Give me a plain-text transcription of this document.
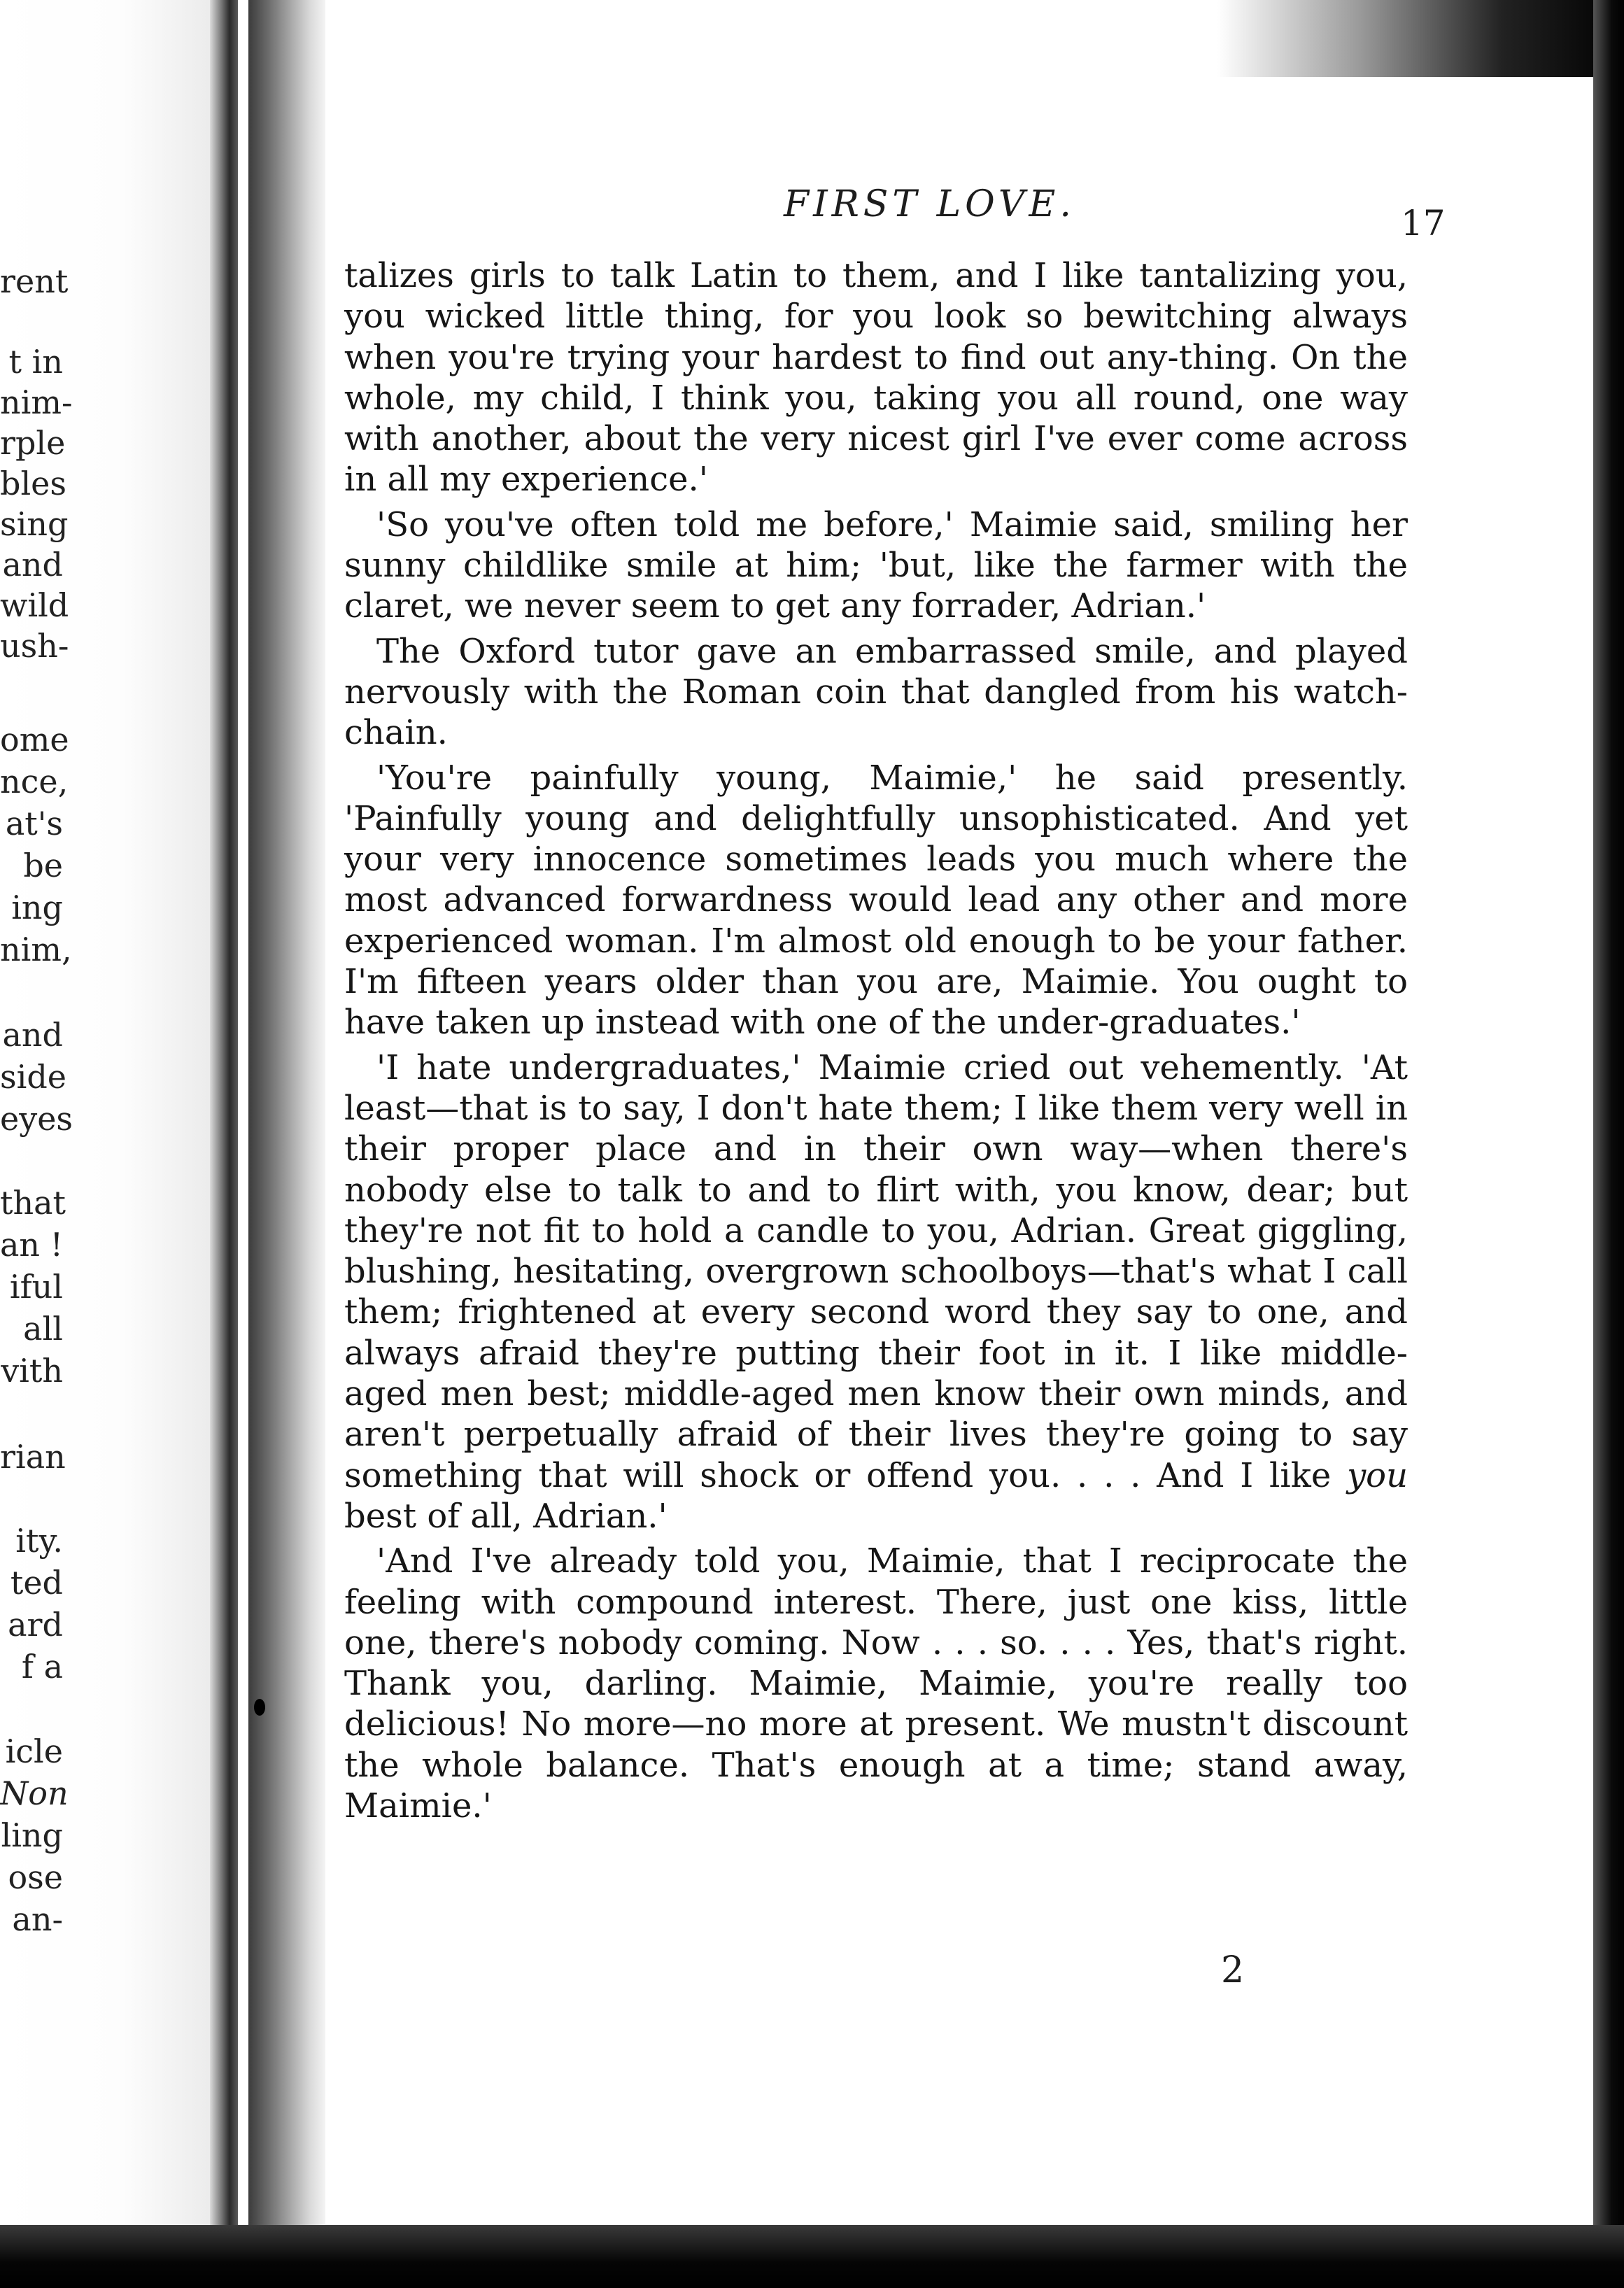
rent
t in
nim-
rple
bles
sing
and
wild
ush-
ome
nce,
at's
be
ing
nim,
and
side
eyes
that
an !
iful
all
vith
rian
ity.
ted
ard
f a
icle
Non
ling
ose
an-
FIRST LOVE.	17

talizes girls to talk Latin to them, and I like tantalizing you, you wicked little thing, for you look so bewitching always when you're trying your hardest to find out any-thing. On the whole, my child, I think you, taking you all round, one way with another, about the very nicest girl I've ever come across in all my experience.'

'So you've often told me before,' Maimie said, smiling her sunny childlike smile at him; 'but, like the farmer with the claret, we never seem to get any forrader, Adrian.'

The Oxford tutor gave an embarrassed smile, and played nervously with the Roman coin that dangled from his watch-chain.

'You're painfully young, Maimie,' he said presently. 'Painfully young and delightfully unsophisticated. And yet your very innocence sometimes leads you much where the most advanced forwardness would lead any other and more experienced woman. I'm almost old enough to be your father. I'm fifteen years older than you are, Maimie. You ought to have taken up instead with one of the under-graduates.'

'I hate undergraduates,' Maimie cried out vehemently. 'At least—that is to say, I don't hate them; I like them very well in their proper place and in their own way—when there's nobody else to talk to and to flirt with, you know, dear; but they're not fit to hold a candle to you, Adrian. Great giggling, blushing, hesitating, overgrown schoolboys—that's what I call them; frightened at every second word they say to one, and always afraid they're putting their foot in it. I like middle-aged men best; middle-aged men know their own minds, and aren't perpetually afraid of their lives they're going to say something that will shock or offend you. . . . And I like you best of all, Adrian.'

'And I've already told you, Maimie, that I reciprocate the feeling with compound interest. There, just one kiss, little one, there's nobody coming. Now . . . so. . . . Yes, that's right. Thank you, darling. Maimie, Maimie, you're really too delicious! No more—no more at present. We mustn't discount the whole balance. That's enough at a time; stand away, Maimie.'

2
